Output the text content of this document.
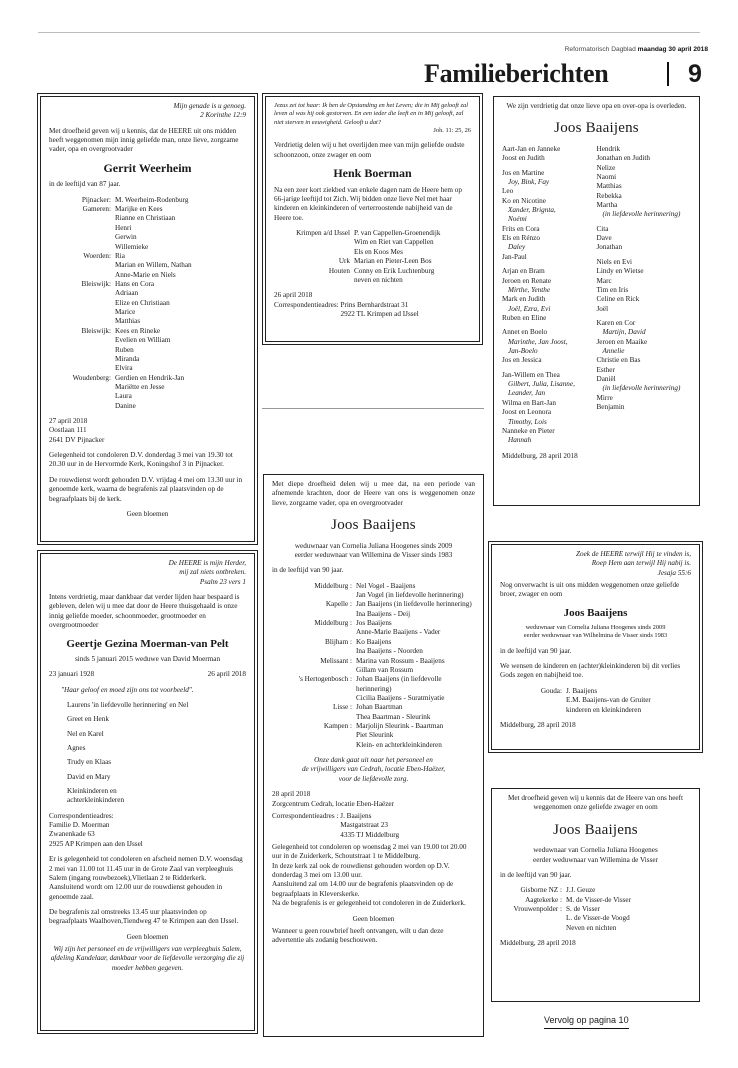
Reformatorisch Dagblad maandag 30 april 2018
Familieberichten	9

Mijn genade is u genoeg.

2 Korinthe 12:9

Met droefheid geven wij u kennis, dat de HEERE uit ons midden heeft weggenomen mijn innig geliefde man, onze lieve, zorgzame vader, opa en overgrootvader

Gerrit Weerheim

in de leeftijd van 87 jaar.

Pijnacker: M. Weerheim-Rodenburg
Gameren: Marijke en Kees
Rianne en Christiaan
Henri
Gerwin
Willemieke
Woerden: Ria
Marian en Willem, Nathan
Anne-Marie en Niels
Bleiswijk: Hans en Cora
Adriaan
Elize en Christiaan
Marice
Matthias
Bleiswijk: Kees en Rineke
Evelien en William
Ruben
Miranda
Elvira
Woudenberg: Gerdien en Hendrik-Jan
Mariëtte en Jesse
Laura
Danine

27 april 2018

Oostlaan 111

2641 DV Pijnacker

Gelegenheid tot condoleren D.V. donderdag 3 mei van 19.30 tot 20.30 uur in de Hervormde Kerk, Koningshof 3 in Pijnacker.

De rouwdienst wordt gehouden D.V. vrijdag 4 mei om 13.30 uur in genoemde kerk, waarna de begrafenis zal plaatsvinden op de begraafplaats bij de kerk.

Geen bloemen

Jezus zei tot haar: Ik ben de Opstanding en het Leven; die in Mij gelooft zal leven al was hij ook gestorven. En een ieder die leeft en in Mij gelooft, zal niet sterven in eeuwigheid. Gelooft u dat?

Joh. 11: 25, 26

Verdrietig delen wij u het overlijden mee van mijn geliefde oudste schoonzoon, onze zwager en oom

Henk Boerman

Na een zeer kort ziekbed van enkele dagen nam de Heere hem op 66-jarige leeftijd tot Zich. Wij bidden onze lieve Nel met haar kinderen en kleinkinderen of verterroostende nabijheid van de Heere toe.

Krimpen a/d IJssel P. van Cappellen-Groenendijk
Wim en Riet van Cappellen
Els en Koos Mes
Urk Marian en Pieter-Leen Bos
Houten Conny en Erik Luchtenburg
neven en nichten

26 april 2018

Correspondentieadres:
Prins Bernhardstraat 31
2922 TL Krimpen ad IJssel

We zijn verdrietig dat onze lieve opa en over-opa is overleden.

Joos Baaijens

Aart-Jan en Janneke
Joost en Judith

Jos en Martine
Joy, Bink, Fay
Leo
Ko en Nicotine
Xander, Brignta,
Noémi
Frits en Cora
Els en Rénzo
Daley
Jan-Paul

Arjan en Bram
Jeroen en Renate
Mirthe, Yenthe
Mark en Judith
Joël, Ezra, Evi
Ruben en Eline

Annet en Boelo
Marinthe, Jan Joost,
Jan-Boelo
Jos en Jessica

Jan-Willem en Thea
Gilbert, Julia, Lisanne,
Leander, Jan
Wilma en Bart-Jan
Joost en Leonora
Timothy, Lois
Nanneke en Pieter
Hannah
Hendrik
Jonathan en Judith
Nelize
Naomi
Matthias
Rebekka
Martha
(in liefdevolle herinnering)

Cita
Dave
Jonathan

Niels en Evi
Lindy en Wietse
Marc
Tim en Iris
Celine en Rick
Joël

Karen en Cor
Martijn, David
Jeroen en Maaike
Annelie
Christie en Bas
Esther
Daniël
(in liefdevolle herinnering)
Mirre
Benjamin

Middelburg, 28 april 2018

Met diepe droefheid delen wij u mee dat, na een periode van afnemende krachten, door de Heere van ons is weggenomen onze lieve, zorgzame vader, opa en overgrootvader

Joos Baaijens

weduwnaar van Cornelia Juliana Hoogenes sinds 2009

eerder weduwnaar van Willemina de Visser sinds 1983

in de leeftijd van 90 jaar.

Middelburg : Nel Vogel - Baaijens
Jan Vogel (in liefdevolle herinnering)
Kapelle : Jan Baaijens (in liefdevolle herinnering)
Ina Baaijens - Deij
Middelburg : Jos Baaijens
Anne-Marie Baaijens - Vader
Blijham : Ko Baaijens
Ina Baaijens - Noorden
Melissant : Marina van Rossum - Baaijens
Gillam van Rossum
's Hertogenbosch : Johan Baaijens (in liefdevolle herinnering)
Cicilia Baaijens - Suratmiyatie
Lisse : Johan Baartman
Thea Baartman - Sleurink
Kampen : Marjolijn Sleurink - Baartman
Piet Sleurink
Klein- en achterkleinkinderen

Onze dank gaat uit naar het personeel en

de vrijwilligers van Cedrah, locatie Eben-Haëzer,

voor de liefdevolle zorg.

28 april 2018

Zorgcentrum Cedrah, locatie Eben-Haëzer

Correspondentieadres :
J. Baaijens
Mastgatstraat 23
4335 TJ Middelburg

Gelegenheid tot condoleren op woensdag 2 mei van 19.00 tot 20.00 uur in de Zuiderkerk, Schoutstraat 1 te Middelburg.

In deze kerk zal ook de rouwdienst gehouden worden op D.V. donderdag 3 mei om 13.00 uur.

Aansluitend zal om 14.00 uur de begrafenis plaatsvinden op de begraafplaats in Kleverskerke.

Na de begrafenis is er gelegenheid tot condoleren in de Zuiderkerk.

Geen bloemen

Wanneer u geen rouwbrief heeft ontvangen, wilt u dan deze advertentie als zodanig beschouwen.

De HEERE is mijn Herder,

mij zal niets ontbreken.

Psalm 23 vers 1

Intens verdrietig, maar dankbaar dat verder lijden haar bespaard is gebleven, delen wij u mee dat door de Heere thuisgehaald is onze innig geliefde moeder, schoonmoeder, grootmoeder en overgrootmoeder

Geertje Gezina Moerman-van Pelt

sinds 5 januari 2015 weduwe van David Moerman

23 januari 1928	26 april 2018

"Haar geloof en moed zijn ons tot voorbeeld".

Laurens 'in liefdevolle herinnering' en Nel
Greet en Henk
Nel en Karel
Agnes
Trudy en Klaas
David en Mary
Kleinkinderen en
achterkleinkinderen

Correspondentieadres:

Familie D. Moerman

Zwanenkade 63

2925 AP Krimpen aan den IJssel

Er is gelegenheid tot condoleren en afscheid nemen D.V. woensdag 2 mei van 11.00 tot 11.45 uur in de Grote Zaal van verpleeghuis Salem (ingang rouwbezoek),Vlietlaan 2 te Ridderkerk.

Aansluitend wordt om 12.00 uur de rouwdienst gehouden in genoemde zaal.

De begrafenis zal omstreeks 13.45 uur plaatsvinden op begraafplaats Waalhoven,Tiendweg 47 te Krimpen aan den IJssel.

Geen bloemen

Wij zijn het personeel en de vrijwilligers van verpleeghuis Salem, afdeling Kandelaar, dankbaar voor de liefdevolle verzorging die zij moeder hebben gegeven.

Zoek de HEERE terwijl Hij te vinden is,

Roep Hem aan terwijl Hij nabij is.

Jesaja 55:6

Nog onverwacht is uit ons midden weggenomen onze geliefde broer, zwager en oom

Joos Baaijens

weduwnaar van Cornelia Juliana Hoogenes sinds 2009

eerder weduwnaar van Wilhelmina de Visser sinds 1983

in de leeftijd van 90 jaar.

We wensen de kinderen en (achter)kleinkinderen bij dit verlies Gods zegen en nabijheid toe.

Gouda: J. Baaijens
E.M. Baaijens-van de Gruiter
kinderen en kleinkinderen

Middelburg, 28 april 2018

Met droefheid geven wij u kennis dat de Heere van ons heeft weggenomen onze geliefde zwager en oom

Joos Baaijens

weduwnaar van Cornelia Juliana Hoogenes

eerder weduwnaar van Willemina de Visser

in de leeftijd van 90 jaar.

Gisborne NZ : J.J. Geuze
Aagtekerke : M. de Visser-de Visser
Vrouwenpolder : S. de Visser
L. de Visser-de Voogd
Neven en nichten

Middelburg, 28 april 2018

Vervolg op pagina 10
